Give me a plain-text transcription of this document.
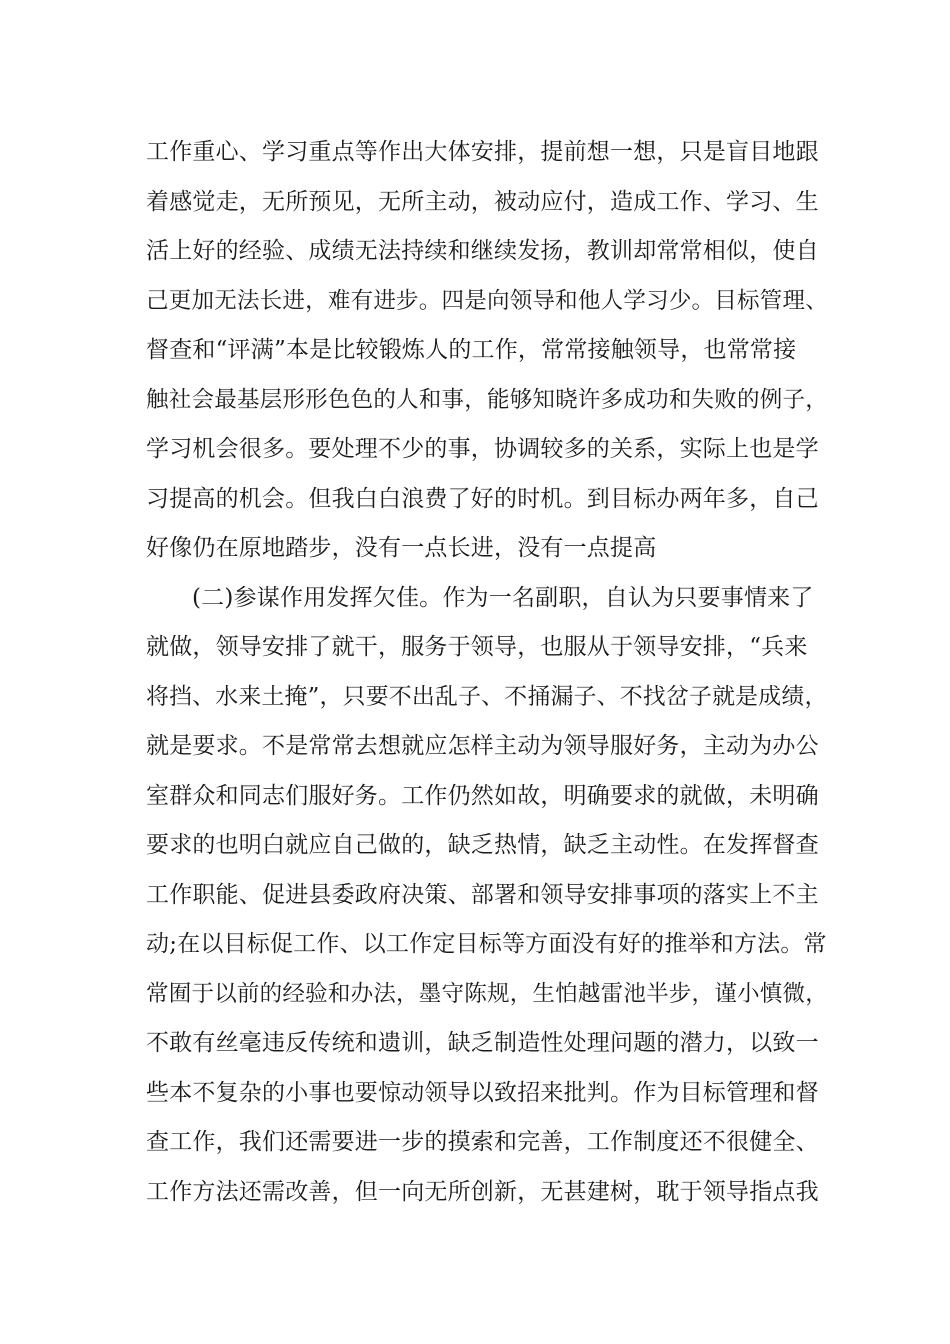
工作重心、学习重点等作出大体安排，提前想一想，只是盲目地跟
着感觉走，无所预见，无所主动，被动应付，造成工作、学习、生
活上好的经验、成绩无法持续和继续发扬，教训却常常相似，使自
己更加无法长进，难有进步。四是向领导和他人学习少。目标管理、
督查和“评满”本是比较锻炼人的工作，常常接触领导，也常常接
触社会最基层形形色色的人和事，能够知晓许多成功和失败的例子，
学习机会很多。要处理不少的事，协调较多的关系，实际上也是学
习提高的机会。但我白白浪费了好的时机。到目标办两年多，自己
好像仍在原地踏步，没有一点长进，没有一点提高
(二)参谋作用发挥欠佳。作为一名副职，自认为只要事情来了
就做，领导安排了就干，服务于领导，也服从于领导安排，“兵来
将挡、水来土掩”，只要不出乱子、不捅漏子、不找岔子就是成绩，
就是要求。不是常常去想就应怎样主动为领导服好务，主动为办公
室群众和同志们服好务。工作仍然如故，明确要求的就做，未明确
要求的也明白就应自己做的，缺乏热情，缺乏主动性。在发挥督查
工作职能、促进县委政府决策、部署和领导安排事项的落实上不主
动;在以目标促工作、以工作定目标等方面没有好的推举和方法。常
常囿于以前的经验和办法，墨守陈规，生怕越雷池半步，谨小慎微，
不敢有丝毫违反传统和遗训，缺乏制造性处理问题的潜力，以致一
些本不复杂的小事也要惊动领导以致招来批判。作为目标管理和督
查工作，我们还需要进一步的摸索和完善，工作制度还不很健全、
工作方法还需改善，但一向无所创新，无甚建树，耽于领导指点我
